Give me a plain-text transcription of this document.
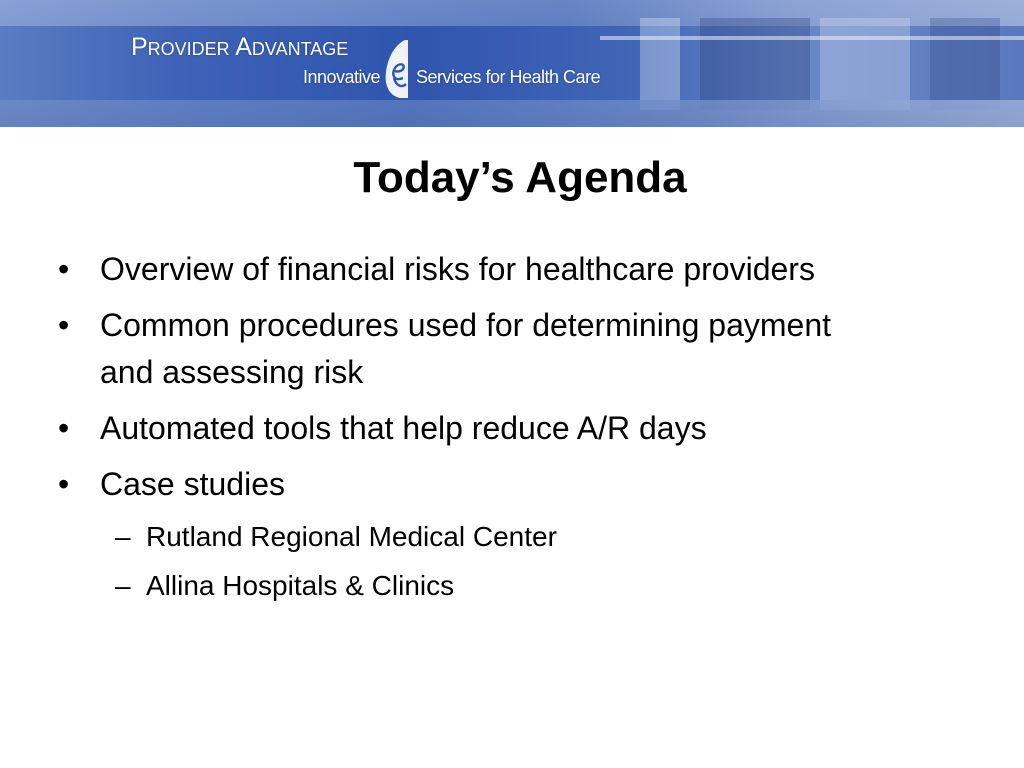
Provider Advantage
Innovative Services for Health Care
Today’s Agenda
• Overview of financial risks for healthcare providers
• Common procedures used for determining payment and assessing risk
• Automated tools that help reduce A/R days
• Case studies
– Rutland Regional Medical Center
– Allina Hospitals & Clinics
